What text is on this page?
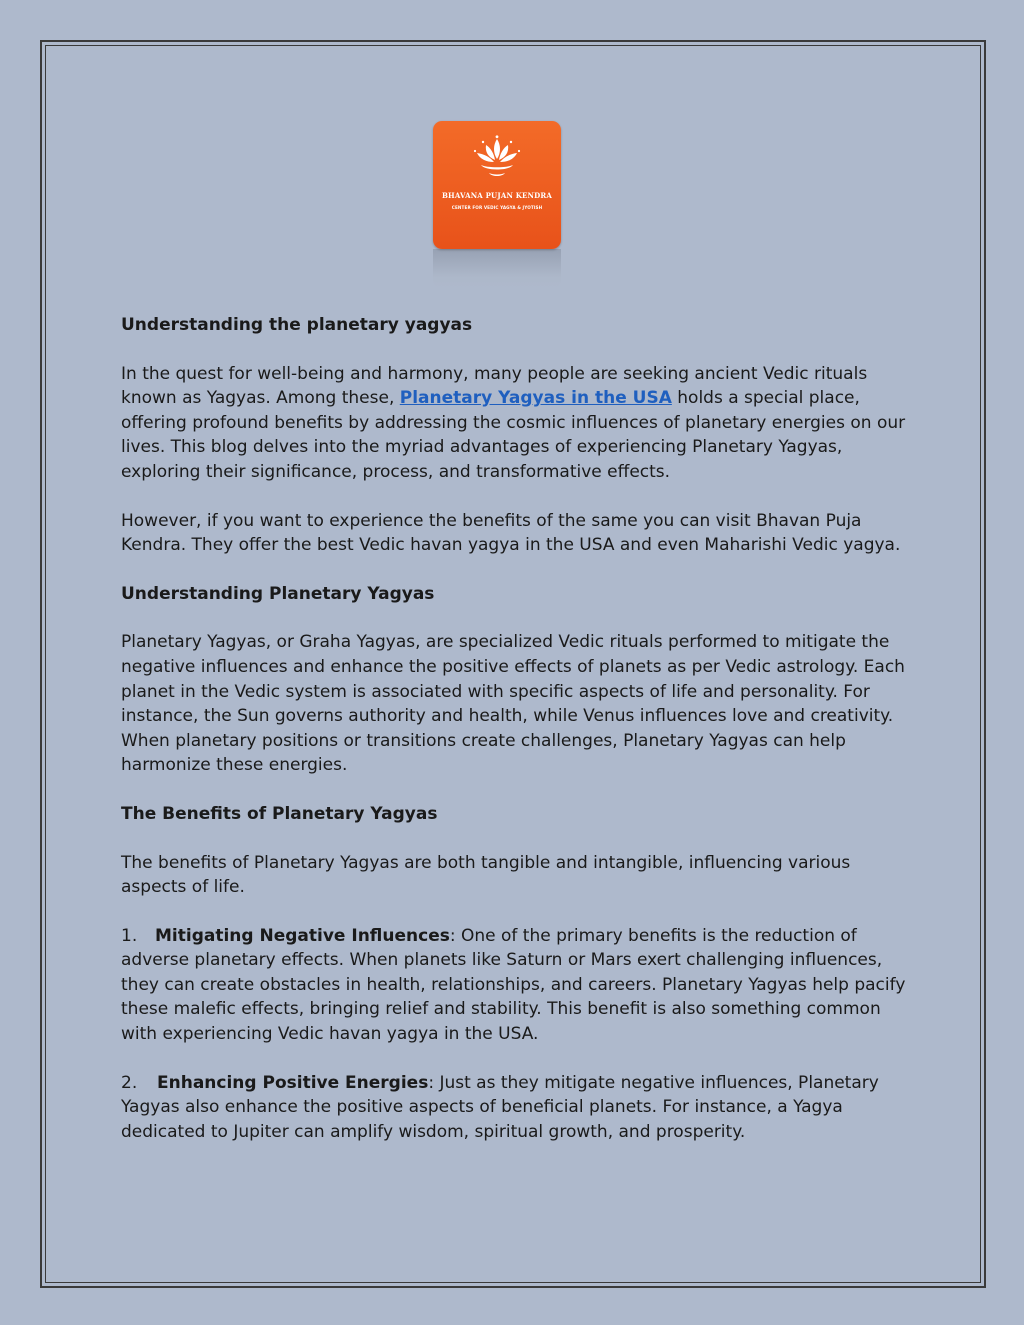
BHAVANA PUJAN KENDRA
CENTER FOR VEDIC YAGYA & JYOTISH
Understanding the planetary yagyas

In the quest for well-being and harmony, many people are seeking ancient Vedic rituals known as Yagyas. Among these, Planetary Yagyas in the USA holds a special place, offering profound benefits by addressing the cosmic influences of planetary energies on our lives. This blog delves into the myriad advantages of experiencing Planetary Yagyas, exploring their significance, process, and transformative effects.

However, if you want to experience the benefits of the same you can visit Bhavan Puja Kendra. They offer the best Vedic havan yagya in the USA and even Maharishi Vedic yagya.

Understanding Planetary Yagyas

Planetary Yagyas, or Graha Yagyas, are specialized Vedic rituals performed to mitigate the negative influences and enhance the positive effects of planets as per Vedic astrology. Each planet in the Vedic system is associated with specific aspects of life and personality. For instance, the Sun governs authority and health, while Venus influences love and creativity. When planetary positions or transitions create challenges, Planetary Yagyas can help harmonize these energies.

The Benefits of Planetary Yagyas

The benefits of Planetary Yagyas are both tangible and intangible, influencing various aspects of life.

1. Mitigating Negative Influences: One of the primary benefits is the reduction of adverse planetary effects. When planets like Saturn or Mars exert challenging influences, they can create obstacles in health, relationships, and careers. Planetary Yagyas help pacify these malefic effects, bringing relief and stability. This benefit is also something common with experiencing Vedic havan yagya in the USA.

2. Enhancing Positive Energies: Just as they mitigate negative influences, Planetary Yagyas also enhance the positive aspects of beneficial planets. For instance, a Yagya dedicated to Jupiter can amplify wisdom, spiritual growth, and prosperity.
